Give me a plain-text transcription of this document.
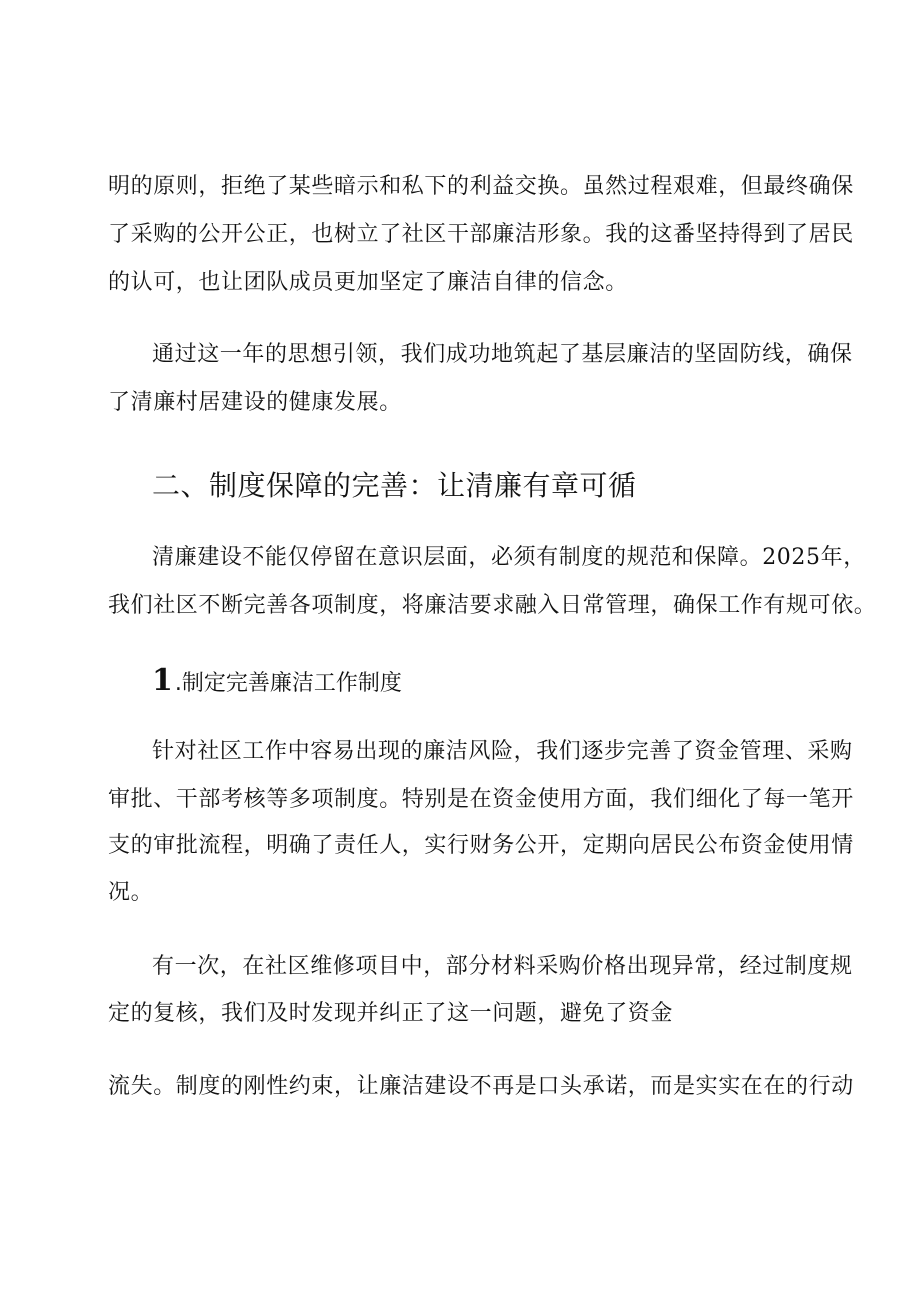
明的原则，拒绝了某些暗示和私下的利益交换。虽然过程艰难，但最终确保
了采购的公开公正，也树立了社区干部廉洁形象。我的这番坚持得到了居民
的认可，也让团队成员更加坚定了廉洁自律的信念。
通过这一年的思想引领，我们成功地筑起了基层廉洁的坚固防线，确保
了清廉村居建设的健康发展。
二、制度保障的完善：让清廉有章可循
清廉建设不能仅停留在意识层面，必须有制度的规范和保障。2025年，
我们社区不断完善各项制度，将廉洁要求融入日常管理，确保工作有规可依。
1.制定完善廉洁工作制度
针对社区工作中容易出现的廉洁风险，我们逐步完善了资金管理、采购
审批、干部考核等多项制度。特别是在资金使用方面，我们细化了每一笔开
支的审批流程，明确了责任人，实行财务公开，定期向居民公布资金使用情
况。
有一次，在社区维修项目中，部分材料采购价格出现异常，经过制度规
定的复核，我们及时发现并纠正了这一问题，避免了资金
流失。制度的刚性约束，让廉洁建设不再是口头承诺，而是实实在在的行动
